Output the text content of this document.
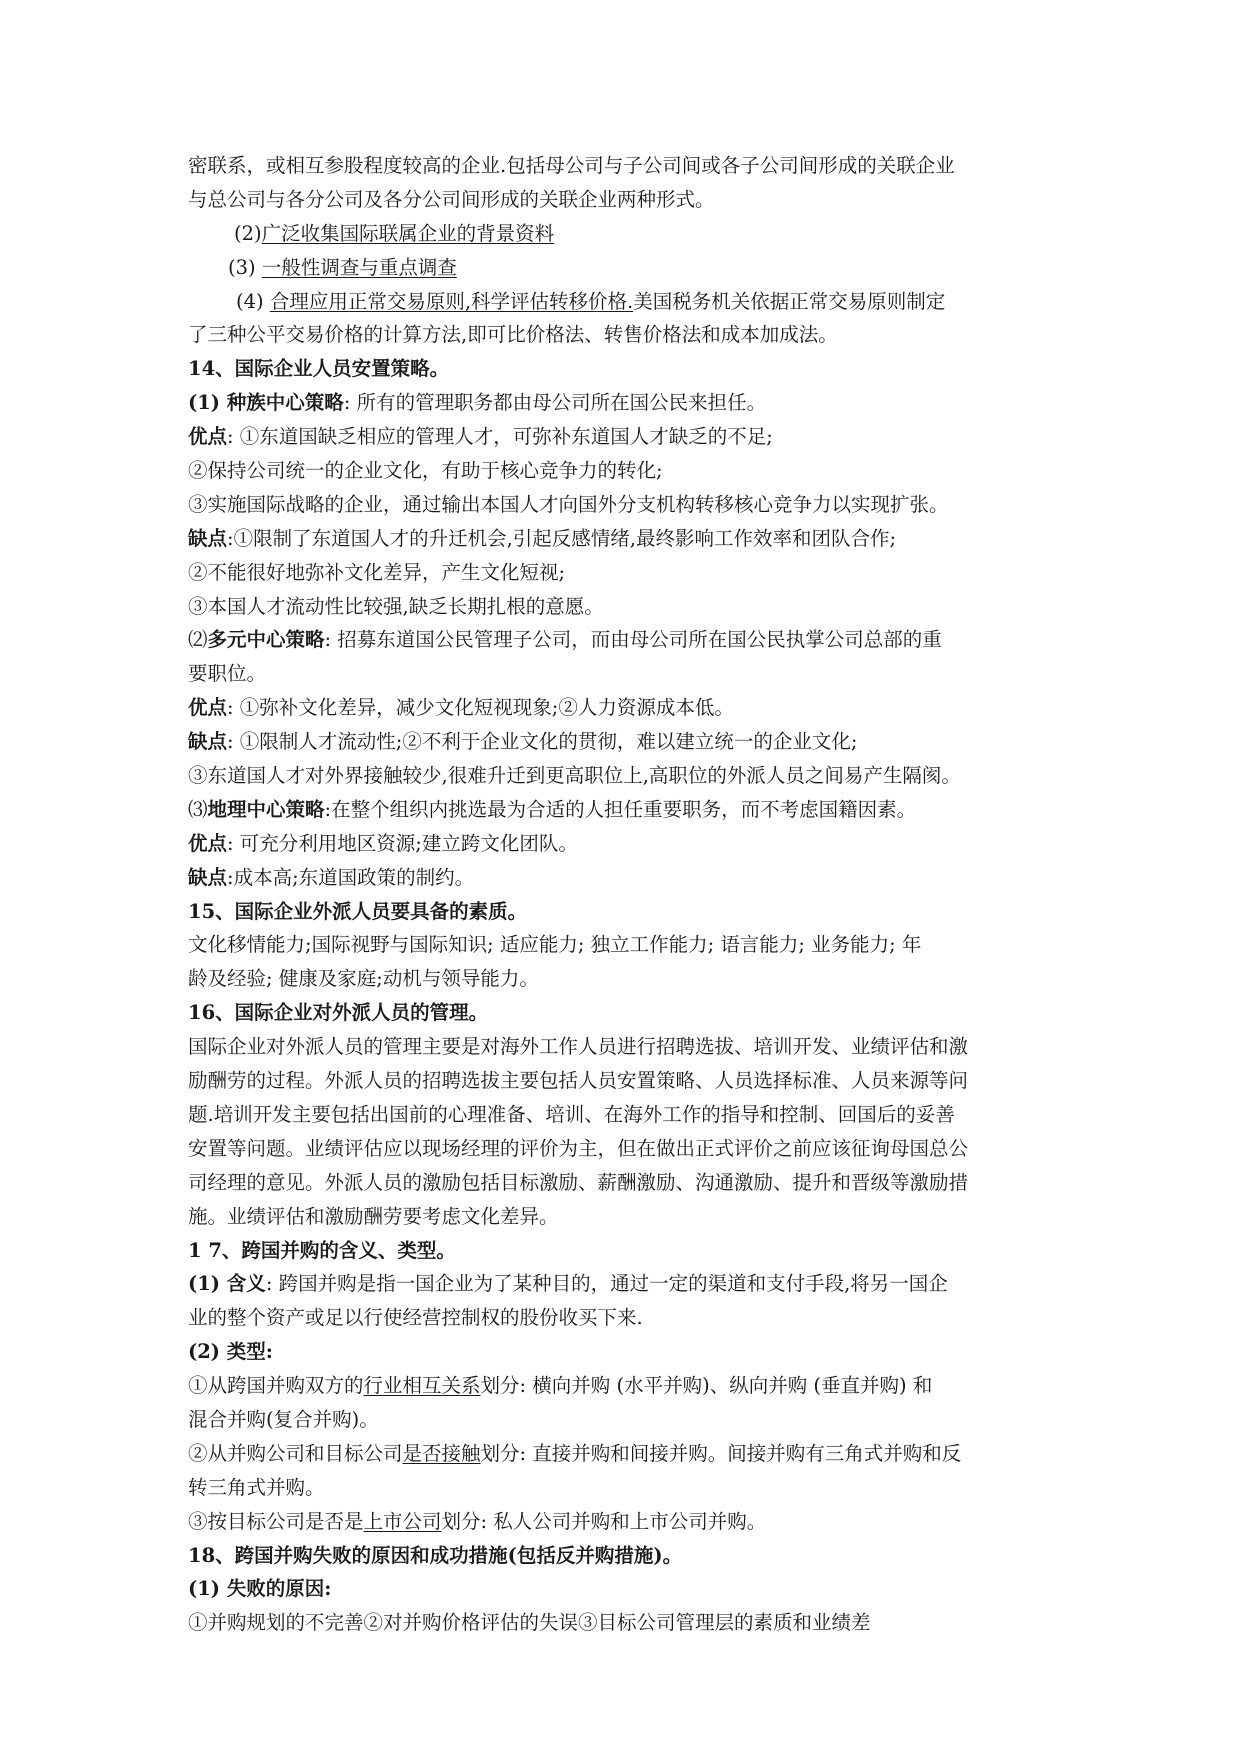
密联系，或相互参股程度较高的企业.包括母公司与子公司间或各子公司间形成的关联企业
与总公司与各分公司及各分公司间形成的关联企业两种形式。
(2)广泛收集国际联属企业的背景资料
(3) 一般性调查与重点调查
(4) 合理应用正常交易原则,科学评估转移价格.美国税务机关依据正常交易原则制定
了三种公平交易价格的计算方法,即可比价格法、转售价格法和成本加成法。
14、国际企业人员安置策略。
(1) 种族中心策略: 所有的管理职务都由母公司所在国公民来担任。
优点: ①东道国缺乏相应的管理人才，可弥补东道国人才缺乏的不足;
②保持公司统一的企业文化，有助于核心竞争力的转化;
③实施国际战略的企业，通过输出本国人才向国外分支机构转移核心竞争力以实现扩张。
缺点:①限制了东道国人才的升迁机会,引起反感情绪,最终影响工作效率和团队合作;
②不能很好地弥补文化差异，产生文化短视;
③本国人才流动性比较强,缺乏长期扎根的意愿。
⑵多元中心策略: 招募东道国公民管理子公司，而由母公司所在国公民执掌公司总部的重
要职位。
优点: ①弥补文化差异，减少文化短视现象;②人力资源成本低。
缺点: ①限制人才流动性;②不利于企业文化的贯彻，难以建立统一的企业文化;
③东道国人才对外界接触较少,很难升迁到更高职位上,高职位的外派人员之间易产生隔阂。
⑶地理中心策略:在整个组织内挑选最为合适的人担任重要职务，而不考虑国籍因素。
优点: 可充分利用地区资源;建立跨文化团队。
缺点:成本高;东道国政策的制约。
15、国际企业外派人员要具备的素质。
文化移情能力;国际视野与国际知识; 适应能力; 独立工作能力; 语言能力; 业务能力; 年
龄及经验; 健康及家庭;动机与领导能力。
16、国际企业对外派人员的管理。
国际企业对外派人员的管理主要是对海外工作人员进行招聘选拔、培训开发、业绩评估和激
励酬劳的过程。外派人员的招聘选拔主要包括人员安置策略、人员选择标准、人员来源等问
题.培训开发主要包括出国前的心理准备、培训、在海外工作的指导和控制、回国后的妥善
安置等问题。业绩评估应以现场经理的评价为主，但在做出正式评价之前应该征询母国总公
司经理的意见。外派人员的激励包括目标激励、薪酬激励、沟通激励、提升和晋级等激励措
施。业绩评估和激励酬劳要考虑文化差异。
1 7、跨国并购的含义、类型。
(1) 含义: 跨国并购是指一国企业为了某种目的，通过一定的渠道和支付手段,将另一国企
业的整个资产或足以行使经营控制权的股份收买下来.
(2) 类型:
①从跨国并购双方的行业相互关系划分: 横向并购 (水平并购)、纵向并购 (垂直并购) 和
混合并购(复合并购)。
②从并购公司和目标公司是否接触划分: 直接并购和间接并购。间接并购有三角式并购和反
转三角式并购。
③按目标公司是否是上市公司划分: 私人公司并购和上市公司并购。
18、跨国并购失败的原因和成功措施(包括反并购措施)。
(1) 失败的原因:
①并购规划的不完善②对并购价格评估的失误③目标公司管理层的素质和业绩差
